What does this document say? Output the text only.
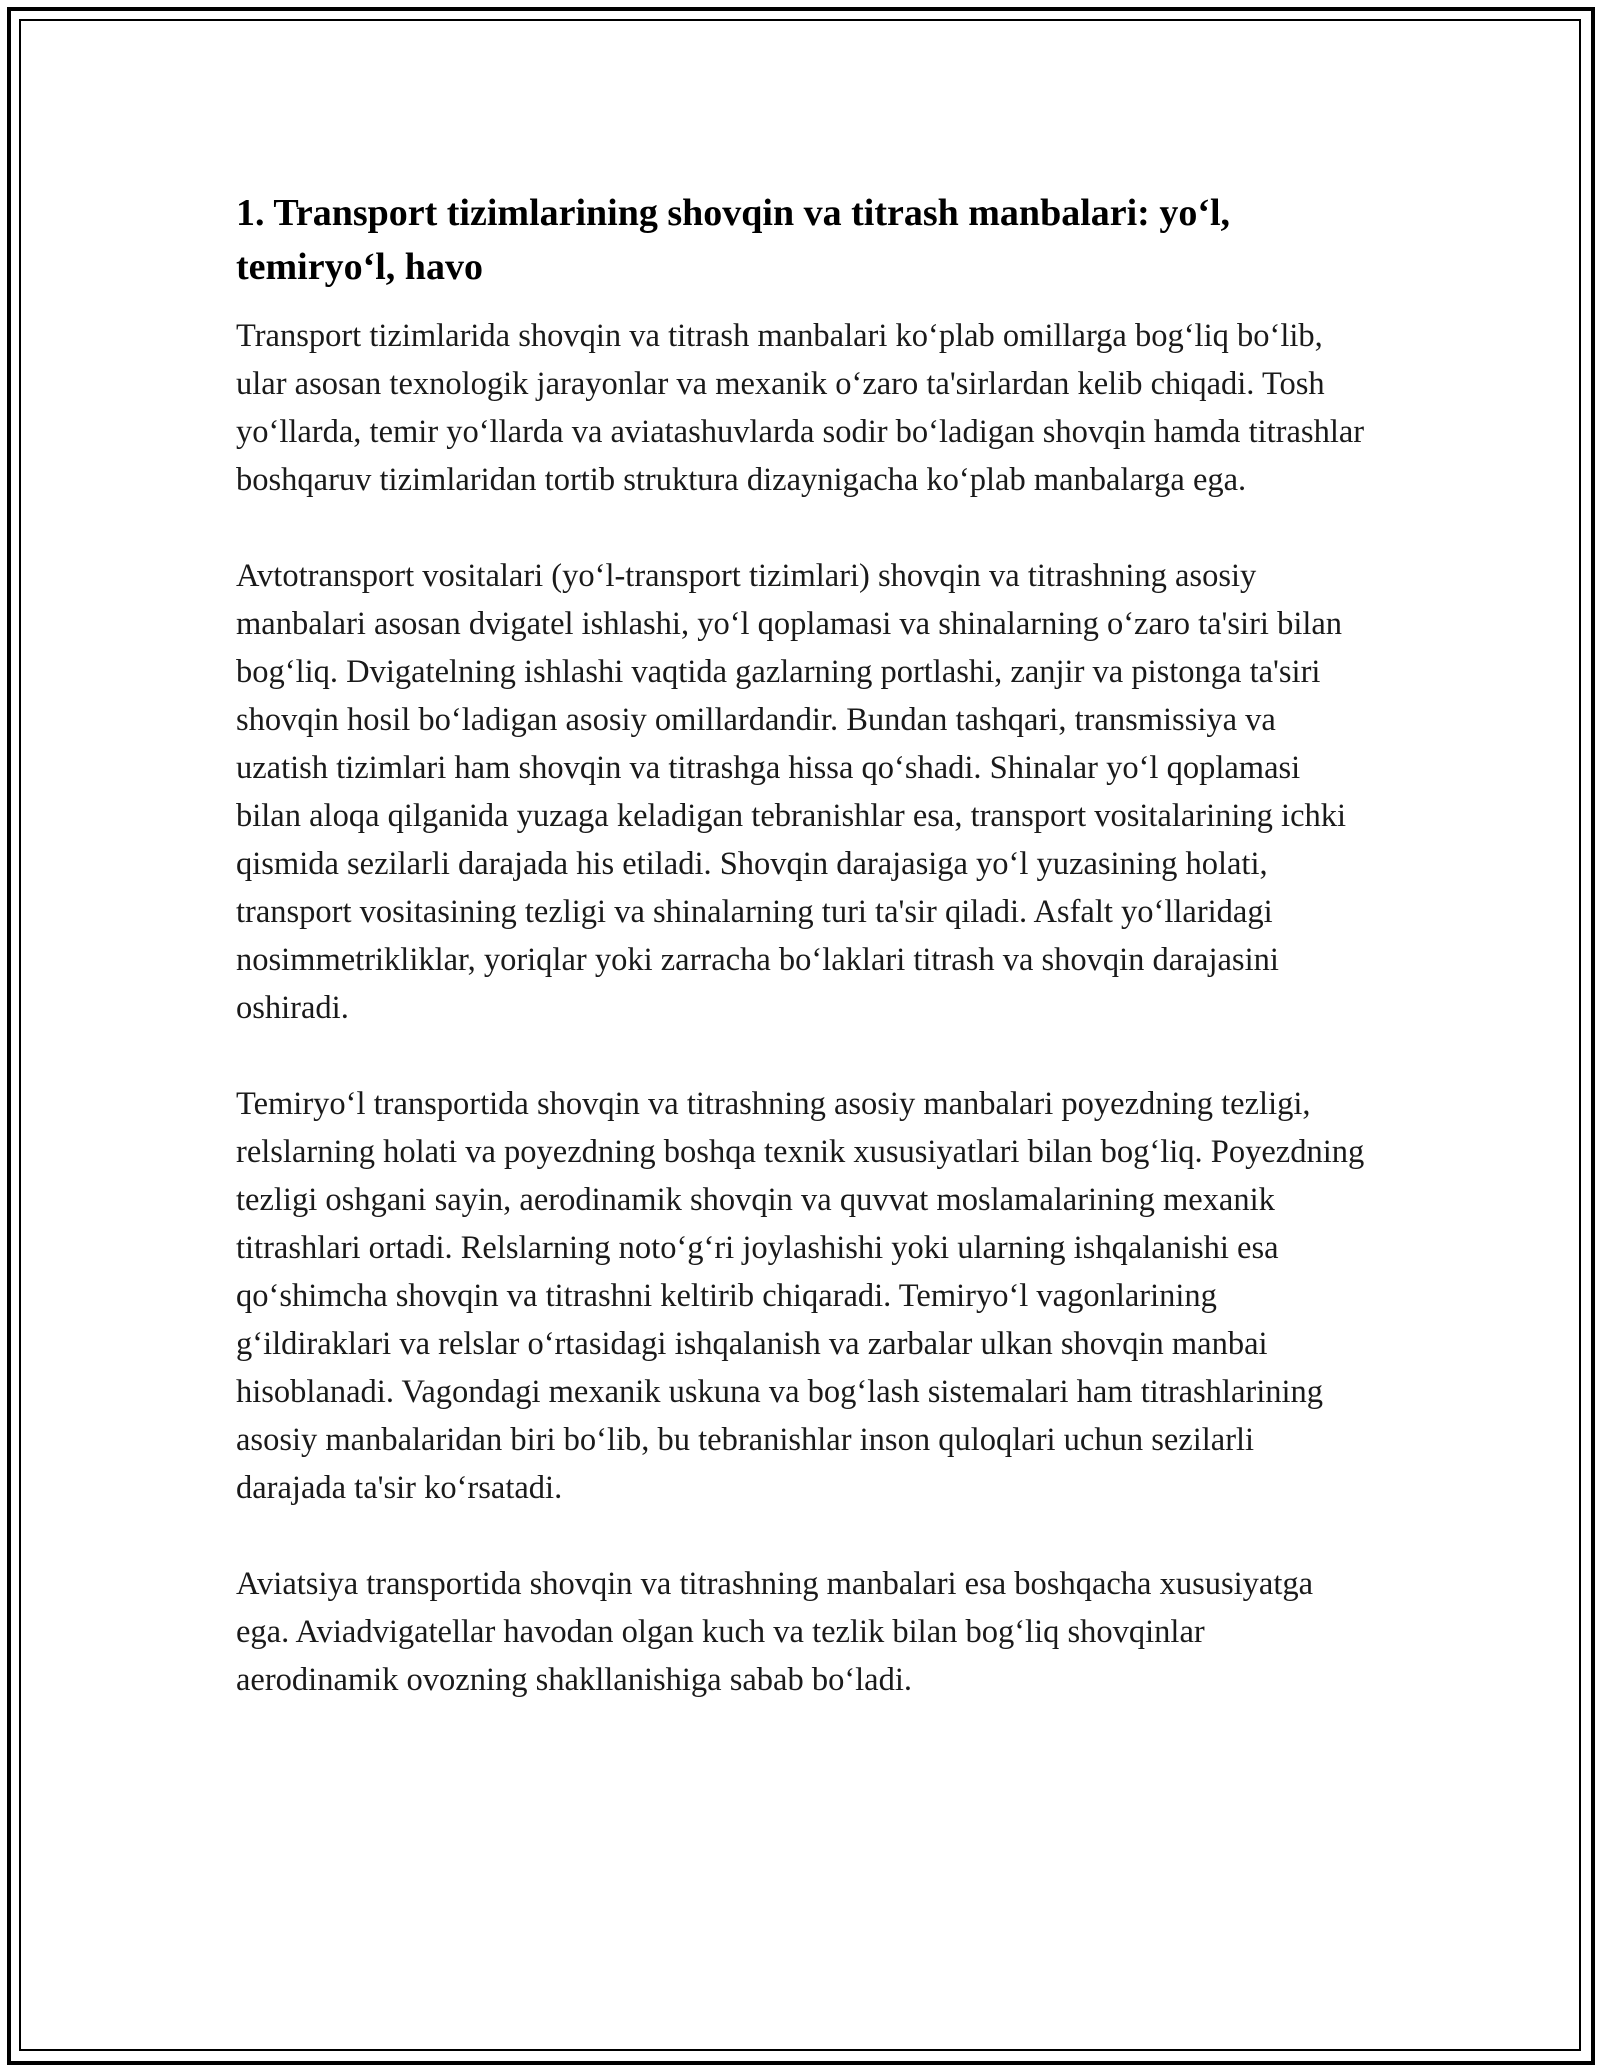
1. Transport tizimlarining shovqin va titrash manbalari: yo‘l, temiryo‘l, havo

Transport tizimlarida shovqin va titrash manbalari ko‘plab omillarga bog‘liq bo‘lib, ular asosan texnologik jarayonlar va mexanik o‘zaro ta'sirlardan kelib chiqadi. Tosh yo‘llarda, temir yo‘llarda va aviatashuvlarda sodir bo‘ladigan shovqin hamda titrashlar boshqaruv tizimlaridan tortib struktura dizaynigacha ko‘plab manbalarga ega.

Avtotransport vositalari (yo‘l-transport tizimlari) shovqin va titrashning asosiy manbalari asosan dvigatel ishlashi, yo‘l qoplamasi va shinalarning o‘zaro ta'siri bilan bog‘liq. Dvigatelning ishlashi vaqtida gazlarning portlashi, zanjir va pistonga ta'siri shovqin hosil bo‘ladigan asosiy omillardandir. Bundan tashqari, transmissiya va uzatish tizimlari ham shovqin va titrashga hissa qo‘shadi. Shinalar yo‘l qoplamasi bilan aloqa qilganida yuzaga keladigan tebranishlar esa, transport vositalarining ichki qismida sezilarli darajada his etiladi. Shovqin darajasiga yo‘l yuzasining holati, transport vositasining tezligi va shinalarning turi ta'sir qiladi. Asfalt yo‘llaridagi nosimmetrikliklar, yoriqlar yoki zarracha bo‘laklari titrash va shovqin darajasini oshiradi.

Temiryo‘l transportida shovqin va titrashning asosiy manbalari poyezdning tezligi, relslarning holati va poyezdning boshqa texnik xususiyatlari bilan bog‘liq. Poyezdning tezligi oshgani sayin, aerodinamik shovqin va quvvat moslamalarining mexanik titrashlari ortadi. Relslarning noto‘g‘ri joylashishi yoki ularning ishqalanishi esa qo‘shimcha shovqin va titrashni keltirib chiqaradi. Temiryo‘l vagonlarining g‘ildiraklari va relslar o‘rtasidagi ishqalanish va zarbalar ulkan shovqin manbai hisoblanadi. Vagondagi mexanik uskuna va bog‘lash sistemalari ham titrashlarining asosiy manbalaridan biri bo‘lib, bu tebranishlar inson quloqlari uchun sezilarli darajada ta'sir ko‘rsatadi.

Aviatsiya transportida shovqin va titrashning manbalari esa boshqacha xususiyatga ega. Aviadvigatellar havodan olgan kuch va tezlik bilan bog‘liq shovqinlar aerodinamik ovozning shakllanishiga sabab bo‘ladi.
